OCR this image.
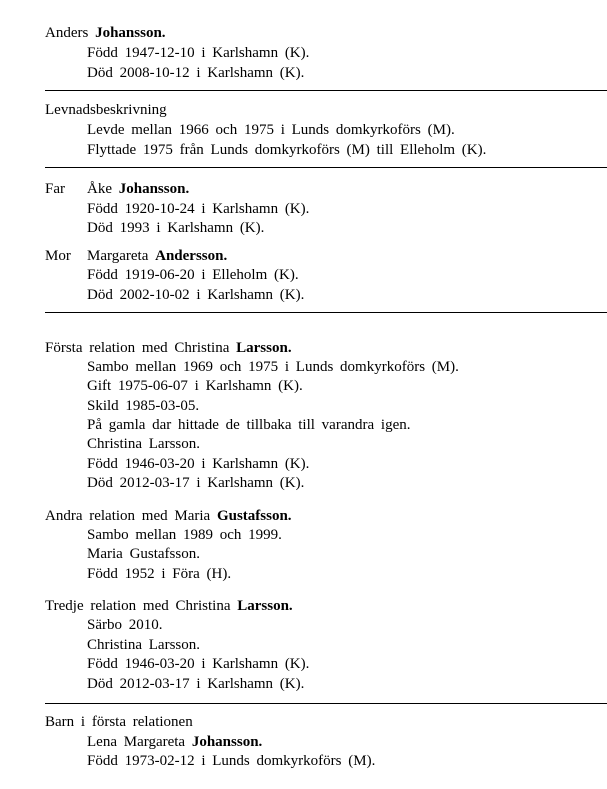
Anders Johansson.
Född 1947-12-10 i Karlshamn (K).
Död 2008-10-12 i Karlshamn (K).
Levnadsbeskrivning
Levde mellan 1966 och 1975 i Lunds domkyrkoförs (M).
Flyttade 1975 från Lunds domkyrkoförs (M) till Elleholm (K).
Far Åke Johansson.
Född 1920-10-24 i Karlshamn (K).
Död 1993 i Karlshamn (K).
Mor Margareta Andersson.
Född 1919-06-20 i Elleholm (K).
Död 2002-10-02 i Karlshamn (K).
Första relation med Christina Larsson.
Sambo mellan 1969 och 1975 i Lunds domkyrkoförs (M).
Gift 1975-06-07 i Karlshamn (K).
Skild 1985-03-05.
På gamla dar hittade de tillbaka till varandra igen.
Christina Larsson.
Född 1946-03-20 i Karlshamn (K).
Död 2012-03-17 i Karlshamn (K).
Andra relation med Maria Gustafsson.
Sambo mellan 1989 och 1999.
Maria Gustafsson.
Född 1952 i Föra (H).
Tredje relation med Christina Larsson.
Särbo 2010.
Christina Larsson.
Född 1946-03-20 i Karlshamn (K).
Död 2012-03-17 i Karlshamn (K).
Barn i första relationen
Lena Margareta Johansson.
Född 1973-02-12 i Lunds domkyrkoförs (M).
